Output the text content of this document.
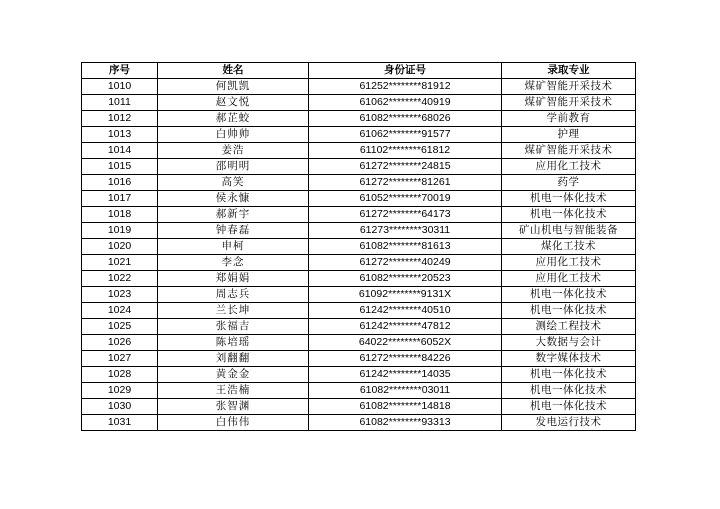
序号	姓名	身份证号	录取专业
1010	何凯凯	61252********81912	煤矿智能开采技术
1011	赵文悦	61062********40919	煤矿智能开采技术
1012	郝芷蛟	61082********68026	学前教育
1013	白帅帅	61062********91577	护理
1014	姜浩	61102********61812	煤矿智能开采技术
1015	邵明明	61272********24815	应用化工技术
1016	高笑	61272********81261	药学
1017	侯永慷	61052********70019	机电一体化技术
1018	郝新宇	61272********64173	机电一体化技术
1019	钟春磊	61273********30311	矿山机电与智能装备
1020	申柯	61082********81613	煤化工技术
1021	李念	61272********40249	应用化工技术
1022	郑娟娟	61082********20523	应用化工技术
1023	周志兵	61092********9131X	机电一体化技术
1024	兰长坤	61242********40510	机电一体化技术
1025	张福吉	61242********47812	测绘工程技术
1026	陈培瑶	64022********6052X	大数据与会计
1027	刘翻翻	61272********84226	数字媒体技术
1028	黄金金	61242********14035	机电一体化技术
1029	王浩楠	61082********03011	机电一体化技术
1030	张智渊	61082********14818	机电一体化技术
1031	白伟伟	61082********93313	发电运行技术
